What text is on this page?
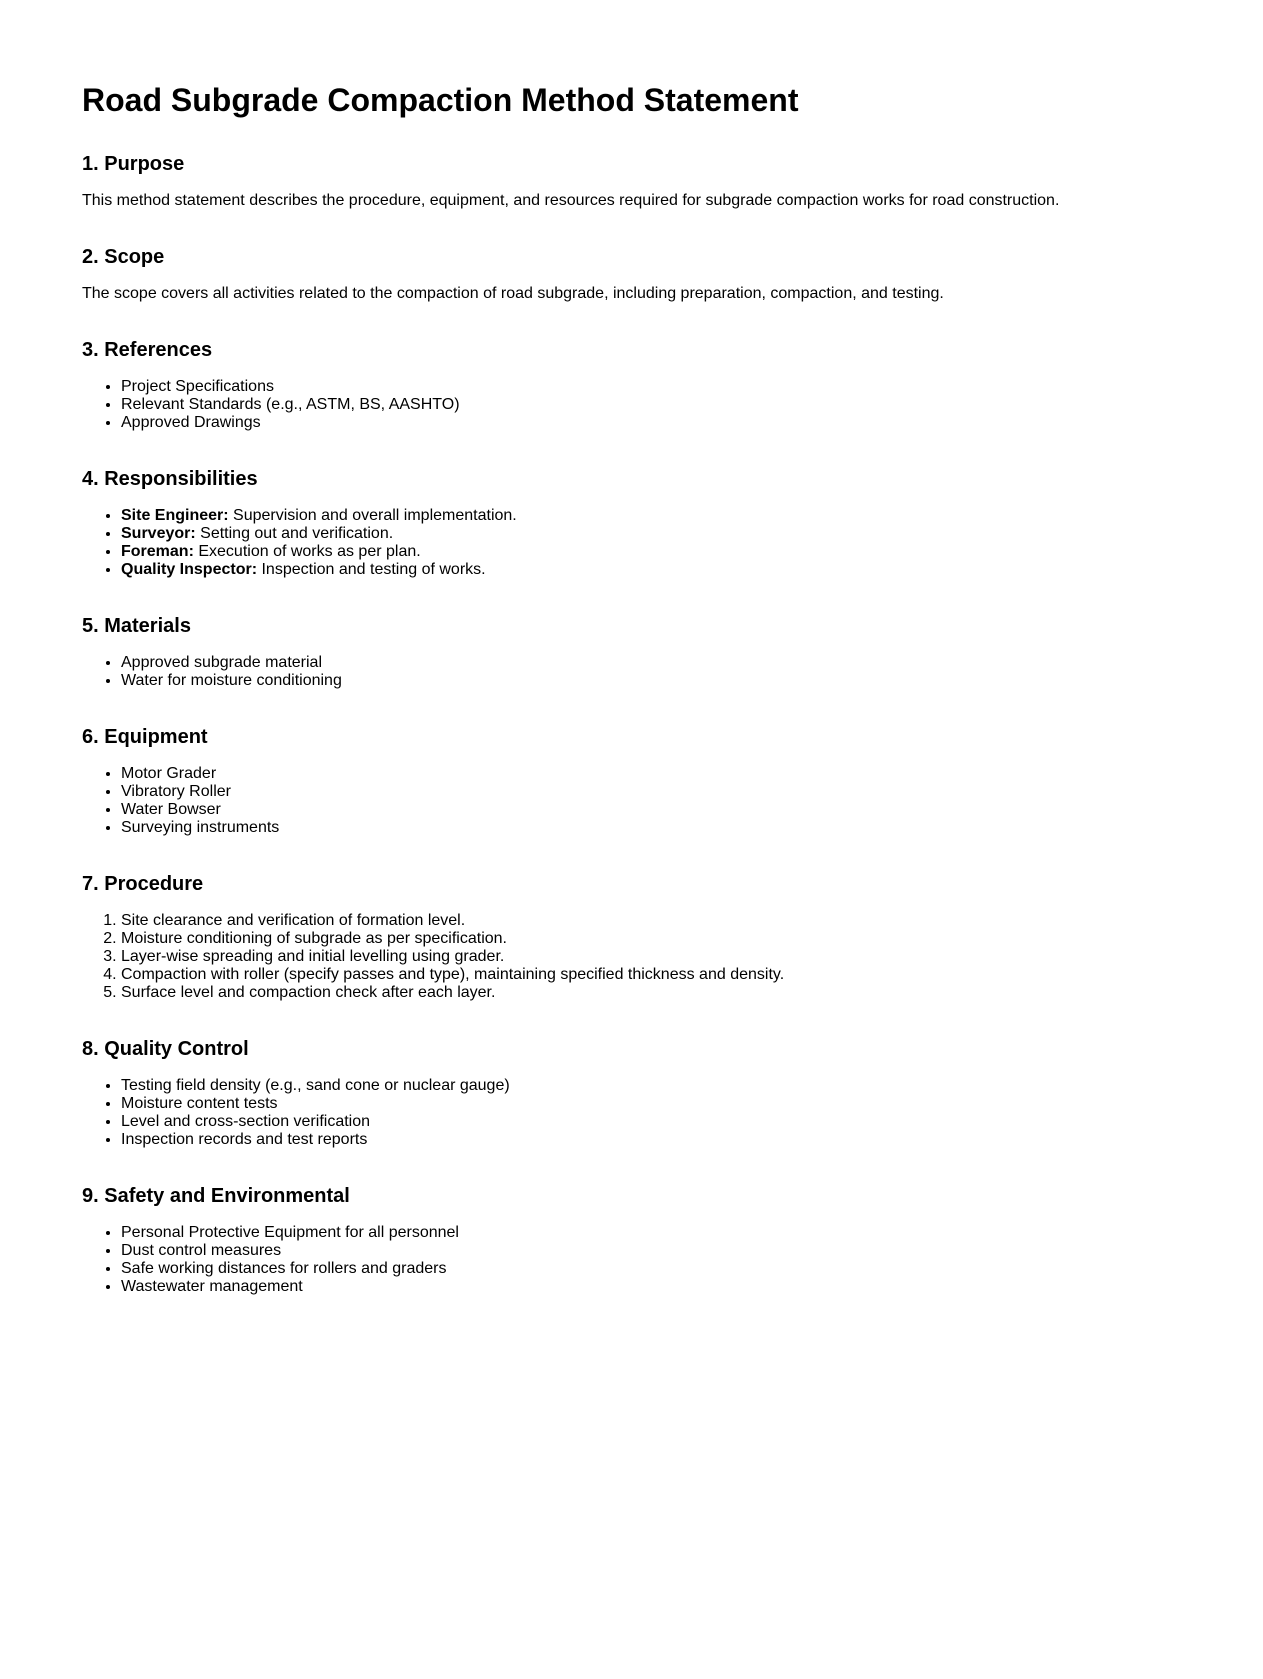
Road Subgrade Compaction Method Statement
1. Purpose

This method statement describes the procedure, equipment, and resources required for subgrade compaction works for road construction.

2. Scope

The scope covers all activities related to the compaction of road subgrade, including preparation, compaction, and testing.

3. References
• Project Specifications
• Relevant Standards (e.g., ASTM, BS, AASHTO)
• Approved Drawings
4. Responsibilities
• Site Engineer: Supervision and overall implementation.
• Surveyor: Setting out and verification.
• Foreman: Execution of works as per plan.
• Quality Inspector: Inspection and testing of works.
5. Materials
• Approved subgrade material
• Water for moisture conditioning
6. Equipment
• Motor Grader
• Vibratory Roller
• Water Bowser
• Surveying instruments
7. Procedure
1. Site clearance and verification of formation level.
2. Moisture conditioning of subgrade as per specification.
3. Layer-wise spreading and initial levelling using grader.
4. Compaction with roller (specify passes and type), maintaining specified thickness and density.
5. Surface level and compaction check after each layer.
8. Quality Control
• Testing field density (e.g., sand cone or nuclear gauge)
• Moisture content tests
• Level and cross-section verification
• Inspection records and test reports
9. Safety and Environmental
• Personal Protective Equipment for all personnel
• Dust control measures
• Safe working distances for rollers and graders
• Wastewater management
